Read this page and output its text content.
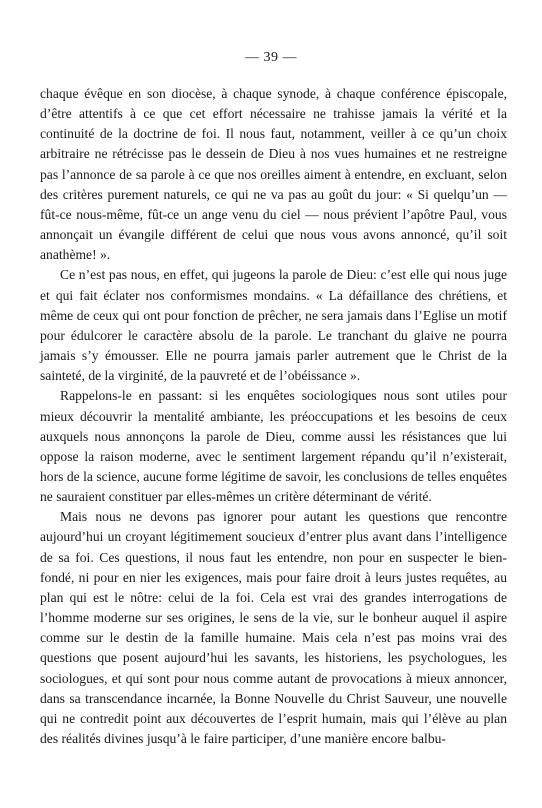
— 39 —

chaque évêque en son diocèse, à chaque synode, à chaque conférence épiscopale, d’être attentifs à ce que cet effort nécessaire ne trahisse jamais la vérité et la continuité de la doctrine de foi. Il nous faut, notamment, veiller à ce qu’un choix arbitraire ne rétrécisse pas le dessein de Dieu à nos vues humaines et ne restreigne pas l’annonce de sa parole à ce que nos oreilles aiment à entendre, en excluant, selon des critères purement naturels, ce qui ne va pas au goût du jour: « Si quelqu’un — fût-ce nous-même, fût-ce un ange venu du ciel — nous prévient l’apôtre Paul, vous annonçait un évangile différent de celui que nous vous avons annoncé, qu’il soit anathème! ».

Ce n’est pas nous, en effet, qui jugeons la parole de Dieu: c’est elle qui nous juge et qui fait éclater nos conformismes mondains. « La défaillance des chrétiens, et même de ceux qui ont pour fonction de prêcher, ne sera jamais dans l’Eglise un motif pour édulcorer le caractère absolu de la parole. Le tranchant du glaive ne pourra jamais s’y émousser. Elle ne pourra jamais parler autrement que le Christ de la sainteté, de la virginité, de la pauvreté et de l’obéissance ».

Rappelons-le en passant: si les enquêtes sociologiques nous sont utiles pour mieux découvrir la mentalité ambiante, les préoccupations et les besoins de ceux auxquels nous annonçons la parole de Dieu, comme aussi les résistances que lui oppose la raison moderne, avec le sentiment largement répandu qu’il n’existerait, hors de la science, aucune forme légitime de savoir, les conclusions de telles enquêtes ne sauraient constituer par elles-mêmes un critère déterminant de vérité.

Mais nous ne devons pas ignorer pour autant les questions que rencontre aujourd’hui un croyant légitimement soucieux d’entrer plus avant dans l’intelligence de sa foi. Ces questions, il nous faut les entendre, non pour en suspecter le bien-fondé, ni pour en nier les exigences, mais pour faire droit à leurs justes requêtes, au plan qui est le nôtre: celui de la foi. Cela est vrai des grandes interrogations de l’homme moderne sur ses origines, le sens de la vie, sur le bonheur auquel il aspire comme sur le destin de la famille humaine. Mais cela n’est pas moins vrai des questions que posent aujourd’hui les savants, les historiens, les psychologues, les sociologues, et qui sont pour nous comme autant de provocations à mieux annoncer, dans sa transcendance incarnée, la Bonne Nouvelle du Christ Sauveur, une nouvelle qui ne contredit point aux découvertes de l’esprit humain, mais qui l’élève au plan des réalités divines jusqu’à le faire participer, d’une manière encore balbu-
